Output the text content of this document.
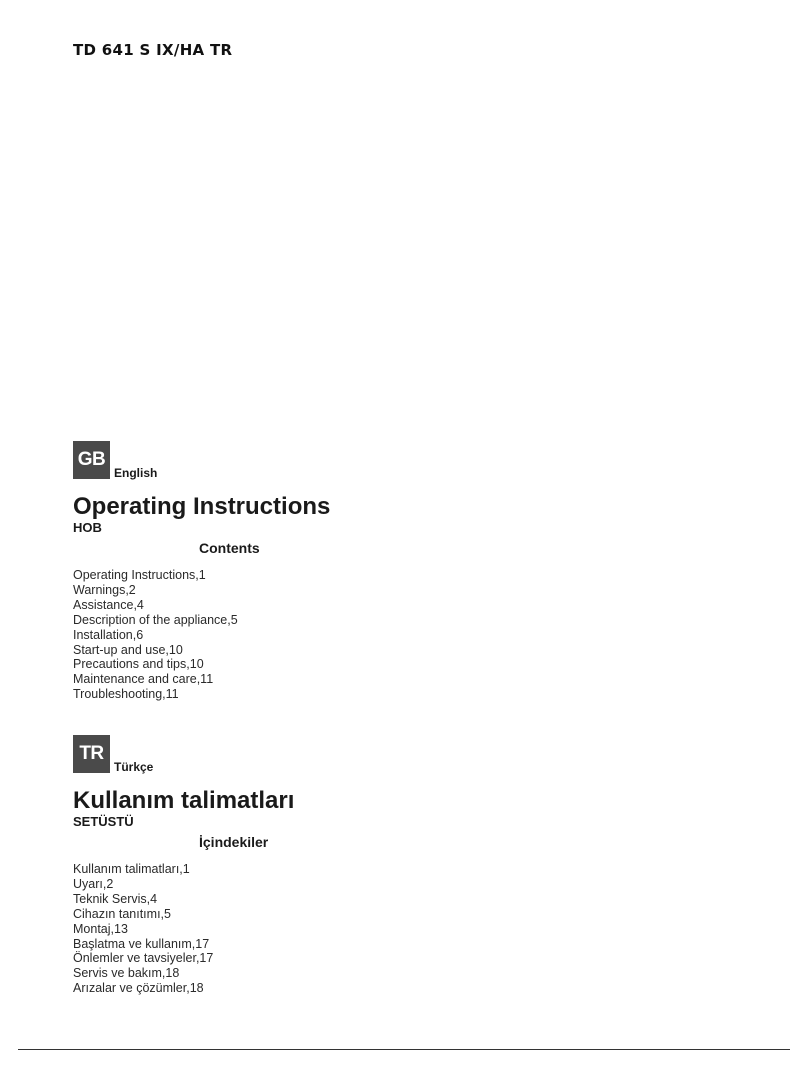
TD 641 S IX/HA TR
GB
English
Operating Instructions
HOB
Contents
Operating Instructions,1
Warnings,2
Assistance,4
Description of the appliance,5
Installation,6
Start-up and use,10
Precautions and tips,10
Maintenance and care,11
Troubleshooting,11
TR
Türkçe
Kullanım talimatları
SETÜSTÜ
İçindekiler
Kullanım talimatları,1
Uyarı,2
Teknik Servis,4
Cihazın tanıtımı,5
Montaj,13
Başlatma ve kullanım,17
Önlemler ve tavsiyeler,17
Servis ve bakım,18
Arızalar ve çözümler,18
